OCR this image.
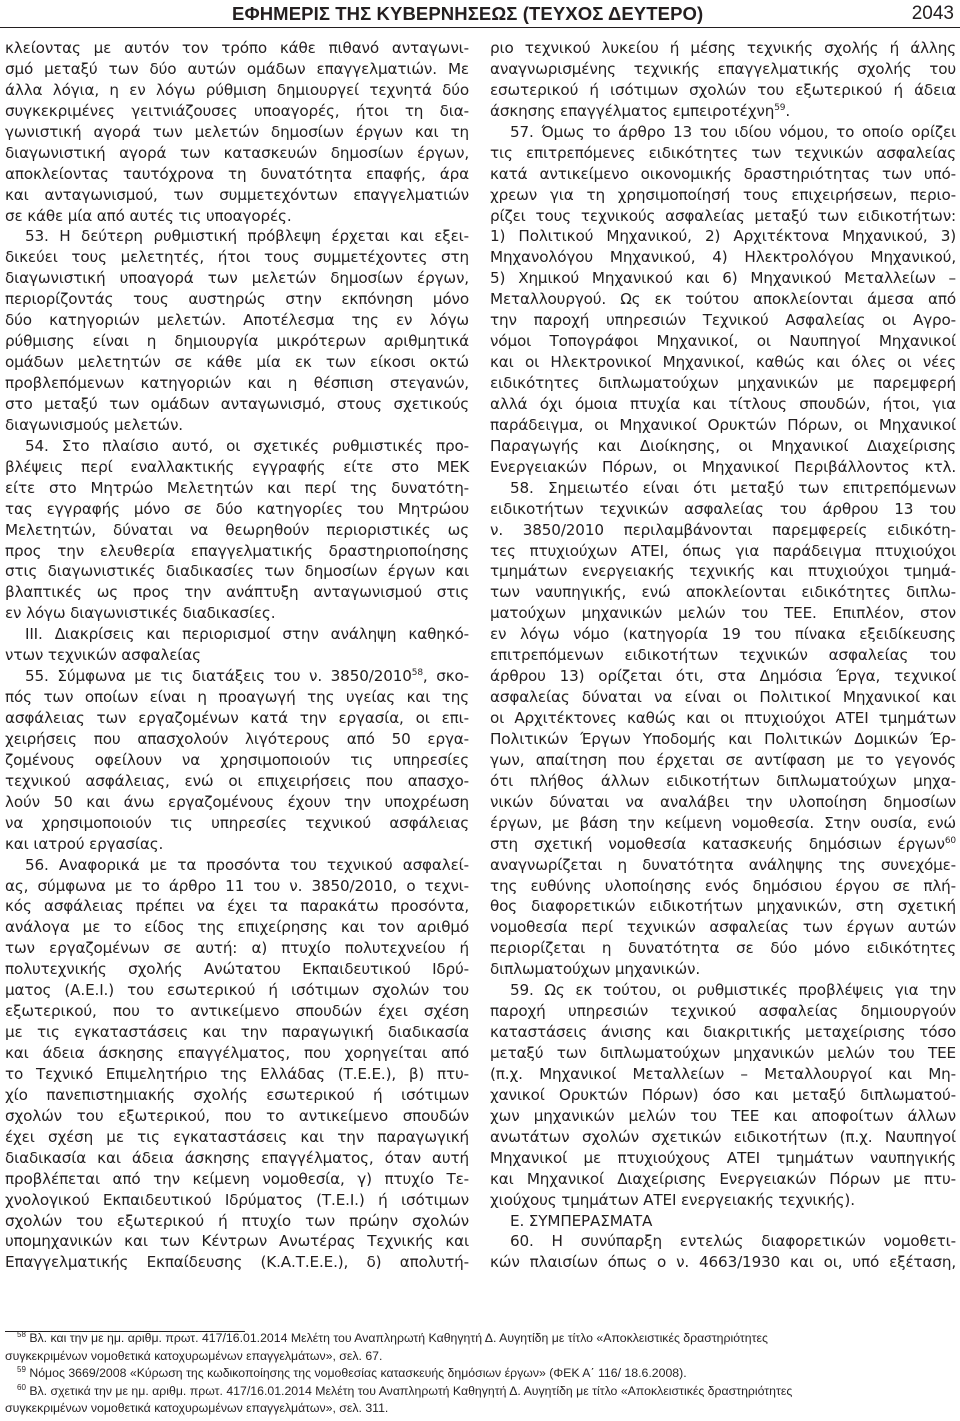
ΕΦΗΜΕΡΙΣ ΤΗΣ ΚΥΒΕΡΝΗΣΕΩΣ (ΤΕΥΧΟΣ ΔΕΥΤΕΡΟ)	2043
κλείοντας με αυτόν τον τρόπο κάθε πιθανό ανταγωνι-
σμό μεταξύ των δύο αυτών ομάδων επαγγελματιών. Με
άλλα λόγια, η εν λόγω ρύθμιση δημιουργεί τεχνητά δύο
συγκεκριμένες γειτνιάζουσες υποαγορές, ήτοι τη δια-
γωνιστική αγορά των μελετών δημοσίων έργων και τη
διαγωνιστική αγορά των κατασκευών δημοσίων έργων,
αποκλείοντας ταυτόχρονα τη δυνατότητα επαφής, άρα
και ανταγωνισμού, των συμμετεχόντων επαγγελματιών
σε κάθε μία από αυτές τις υποαγορές.
53. Η δεύτερη ρυθμιστική πρόβλεψη έρχεται και εξει-
δικεύει τους μελετητές, ήτοι τους συμμετέχοντες στη
διαγωνιστική υποαγορά των μελετών δημοσίων έργων,
περιορίζοντάς τους αυστηρώς στην εκπόνηση μόνο
δύο κατηγοριών μελετών. Αποτέλεσμα της εν λόγω
ρύθμισης είναι η δημιουργία μικρότερων αριθμητικά
ομάδων μελετητών σε κάθε μία εκ των είκοσι οκτώ
προβλεπόμενων κατηγοριών και η θέσπιση στεγανών,
στο μεταξύ των ομάδων ανταγωνισμό, στους σχετικούς
διαγωνισμούς μελετών.
54. Στο πλαίσιο αυτό, οι σχετικές ρυθμιστικές προ-
βλέψεις περί εναλλακτικής εγγραφής είτε στο ΜΕΚ
είτε στο Μητρώο Μελετητών και περί της δυνατότη-
τας εγγραφής μόνο σε δύο κατηγορίες του Μητρώου
Μελετητών, δύναται να θεωρηθούν περιοριστικές ως
προς την ελευθερία επαγγελματικής δραστηριοποίησης
στις διαγωνιστικές διαδικασίες των δημοσίων έργων και
βλαπτικές ως προς την ανάπτυξη ανταγωνισμού στις
εν λόγω διαγωνιστικές διαδικασίες.
ΙΙΙ. Διακρίσεις και περιορισμοί στην ανάληψη καθηκό-
ντων τεχνικών ασφαλείας
55. Σύμφωνα με τις διατάξεις του ν. 3850/2010$^{58}$, σκο-
πός των οποίων είναι η προαγωγή της υγείας και της
ασφάλειας των εργαζομένων κατά την εργασία, οι επι-
χειρήσεις που απασχολούν λιγότερους από 50 εργα-
ζομένους οφείλουν να χρησιμοποιούν τις υπηρεσίες
τεχνικού ασφάλειας, ενώ οι επιχειρήσεις που απασχο-
λούν 50 και άνω εργαζομένους έχουν την υποχρέωση
να χρησιμοποιούν τις υπηρεσίες τεχνικού ασφάλειας
και ιατρού εργασίας.
56. Αναφορικά με τα προσόντα του τεχνικού ασφαλεί-
ας, σύμφωνα με το άρθρο 11 του ν. 3850/2010, ο τεχνι-
κός ασφάλειας πρέπει να έχει τα παρακάτω προσόντα,
ανάλογα με το είδος της επιχείρησης και τον αριθμό
των εργαζομένων σε αυτή: α) πτυχίο πολυτεχνείου ή
πολυτεχνικής σχολής Ανώτατου Εκπαιδευτικού Ιδρύ-
ματος (Α.Ε.Ι.) του εσωτερικού ή ισότιμων σχολών του
εξωτερικού, που το αντικείμενο σπουδών έχει σχέση
με τις εγκαταστάσεις και την παραγωγική διαδικασία
και άδεια άσκησης επαγγέλματος, που χορηγείται από
το Τεχνικό Επιμελητήριο της Ελλάδας (Τ.Ε.Ε.), β) πτυ-
χίο πανεπιστημιακής σχολής εσωτερικού ή ισότιμων
σχολών του εξωτερικού, που το αντικείμενο σπουδών
έχει σχέση με τις εγκαταστάσεις και την παραγωγική
διαδικασία και άδεια άσκησης επαγγέλματος, όταν αυτή
προβλέπεται από την κείμενη νομοθεσία, γ) πτυχίο Τε-
χνολογικού Εκπαιδευτικού Ιδρύματος (Τ.Ε.Ι.) ή ισότιμων
σχολών του εξωτερικού ή πτυχίο των πρώην σχολών
υπομηχανικών και των Κέντρων Ανωτέρας Τεχνικής και
Επαγγελματικής Εκπαίδευσης (Κ.Α.Τ.Ε.Ε.), δ) απολυτή-
ριο τεχνικού λυκείου ή μέσης τεχνικής σχολής ή άλλης
αναγνωρισμένης τεχνικής επαγγελματικής σχολής του
εσωτερικού ή ισότιμων σχολών του εξωτερικού ή άδεια
άσκησης επαγγέλματος εμπειροτέχνη$^{59}$.
57. Όμως το άρθρο 13 του ιδίου νόμου, το οποίο ορίζει
τις επιτρεπόμενες ειδικότητες των τεχνικών ασφαλείας
κατά αντικείμενο οικονομικής δραστηριότητας των υπό-
χρεων για τη χρησιμοποίησή τους επιχειρήσεων, περιο-
ρίζει τους τεχνικούς ασφαλείας μεταξύ των ειδικοτήτων:
1) Πολιτικού Μηχανικού, 2) Αρχιτέκτονα Μηχανικού, 3)
Μηχανολόγου Μηχανικού, 4) Ηλεκτρολόγου Μηχανικού,
5) Χημικού Μηχανικού και 6) Μηχανικού Μεταλλείων –
Μεταλλουργού. Ως εκ τούτου αποκλείονται άμεσα από
την παροχή υπηρεσιών Τεχνικού Ασφαλείας οι Αγρο-
νόμοι Τοπογράφοι Μηχανικοί, οι Ναυπηγοί Μηχανικοί
και οι Ηλεκτρονικοί Μηχανικοί, καθώς και όλες οι νέες
ειδικότητες διπλωματούχων μηχανικών με παρεμφερή
αλλά όχι όμοια πτυχία και τίτλους σπουδών, ήτοι, για
παράδειγμα, οι Μηχανικοί Ορυκτών Πόρων, οι Μηχανικοί
Παραγωγής και Διοίκησης, οι Μηχανικοί Διαχείρισης
Ενεργειακών Πόρων, οι Μηχανικοί Περιβάλλοντος κτλ.
58. Σημειωτέο είναι ότι μεταξύ των επιτρεπόμενων
ειδικοτήτων τεχνικών ασφαλείας του άρθρου 13 του
ν. 3850/2010 περιλαμβάνονται παρεμφερείς ειδικότη-
τες πτυχιούχων ΑΤΕΙ, όπως για παράδειγμα πτυχιούχοι
τμημάτων ενεργειακής τεχνικής και πτυχιούχοι τμημά-
των ναυπηγικής, ενώ αποκλείονται ειδικότητες διπλω-
ματούχων μηχανικών μελών του ΤΕΕ. Επιπλέον, στον
εν λόγω νόμο (κατηγορία 19 του πίνακα εξειδίκευσης
επιτρεπόμενων ειδικοτήτων τεχνικών ασφαλείας του
άρθρου 13) ορίζεται ότι, στα Δημόσια Έργα, τεχνικοί
ασφαλείας δύναται να είναι οι Πολιτικοί Μηχανικοί και
οι Αρχιτέκτονες καθώς και οι πτυχιούχοι ΑΤΕΙ τμημάτων
Πολιτικών Έργων Υποδομής και Πολιτικών Δομικών Έρ-
γων, απαίτηση που έρχεται σε αντίφαση με το γεγονός
ότι πλήθος άλλων ειδικοτήτων διπλωματούχων μηχα-
νικών δύναται να αναλάβει την υλοποίηση δημοσίων
έργων, με βάση την κείμενη νομοθεσία. Στην ουσία, ενώ
στη σχετική νομοθεσία κατασκευής δημόσιων έργων$^{60}$
αναγνωρίζεται η δυνατότητα ανάληψης της συνεχόμε-
της ευθύνης υλοποίησης ενός δημόσιου έργου σε πλή-
θος διαφορετικών ειδικοτήτων μηχανικών, στη σχετική
νομοθεσία περί τεχνικών ασφαλείας των έργων αυτών
περιορίζεται η δυνατότητα σε δύο μόνο ειδικότητες
διπλωματούχων μηχανικών.
59. Ως εκ τούτου, οι ρυθμιστικές προβλέψεις για την
παροχή υπηρεσιών τεχνικού ασφαλείας δημιουργούν
καταστάσεις άνισης και διακριτικής μεταχείρισης τόσο
μεταξύ των διπλωματούχων μηχανικών μελών του ΤΕΕ
(π.χ. Μηχανικοί Μεταλλείων – Μεταλλουργοί και Μη-
χανικοί Ορυκτών Πόρων) όσο και μεταξύ διπλωματού-
χων μηχανικών μελών του ΤΕΕ και αποφοίτων άλλων
ανωτάτων σχολών σχετικών ειδικοτήτων (π.χ. Ναυπηγοί
Μηχανικοί με πτυχιούχους ΑΤΕΙ τμημάτων ναυπηγικής
και Μηχανικοί Διαχείρισης Ενεργειακών Πόρων με πτυ-
χιούχους τμημάτων ΑΤΕΙ ενεργειακής τεχνικής).
Ε. ΣΥΜΠΕΡΑΣΜΑΤΑ
60. Η συνύπαρξη εντελώς διαφορετικών νομοθετι-
κών πλαισίων όπως ο ν. 4663/1930 και οι, υπό εξέταση,
$^{58}$ Βλ. και την με ημ. αριθμ. πρωτ. 417/16.01.2014 Μελέτη του Αναπληρωτή Καθηγητή Δ. Αυγητίδη με τίτλο «Αποκλειστικές δραστηριότητες
συγκεκριμένων νομοθετικά κατοχυρωμένων επαγγελμάτων», σελ. 67.
$^{59}$ Νόμος 3669/2008 «Κύρωση της κωδικοποίησης της νομοθεσίας κατασκευής δημόσιων έργων» (ΦΕΚ Α΄ 116/ 18.6.2008).
$^{60}$ Βλ. σχετικά την με ημ. αριθμ. πρωτ. 417/16.01.2014 Μελέτη του Αναπληρωτή Καθηγητή Δ. Αυγητίδη με τίτλο «Αποκλειστικές δραστηριότητες
συγκεκριμένων νομοθετικά κατοχυρωμένων επαγγελμάτων», σελ. 311.
